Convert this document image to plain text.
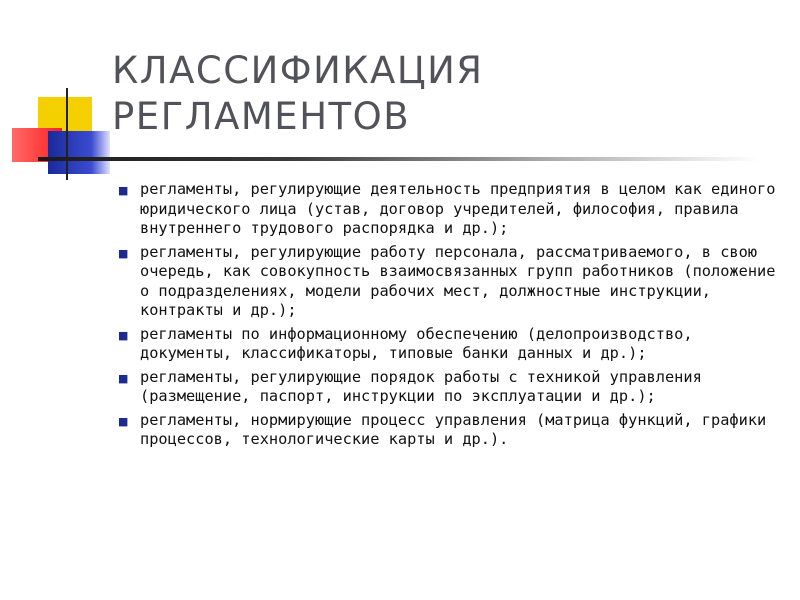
КЛАССИФИКАЦИЯ
РЕГЛАМЕНТОВ
■ регламенты, регулирующие деятельность предприятия в целом как единого юридического лица (устав, договор учредителей, философия, правила внутреннего трудового распорядка и др.);
■ регламенты, регулирующие работу персонала, рассматриваемого, в свою очередь, как совокупность взаимосвязанных групп работников (положение о подразделениях, модели рабочих мест, должностные инструкции, контракты и др.);
■ регламенты по информационному обеспечению (делопроизводство, документы, классификаторы, типовые банки данных и др.);
■ регламенты, регулирующие порядок работы с техникой управления (размещение, паспорт, инструкции по эксплуатации и др.);
■ регламенты, нормирующие процесс управления (матрица функций, графики процессов, технологические карты и др.).
